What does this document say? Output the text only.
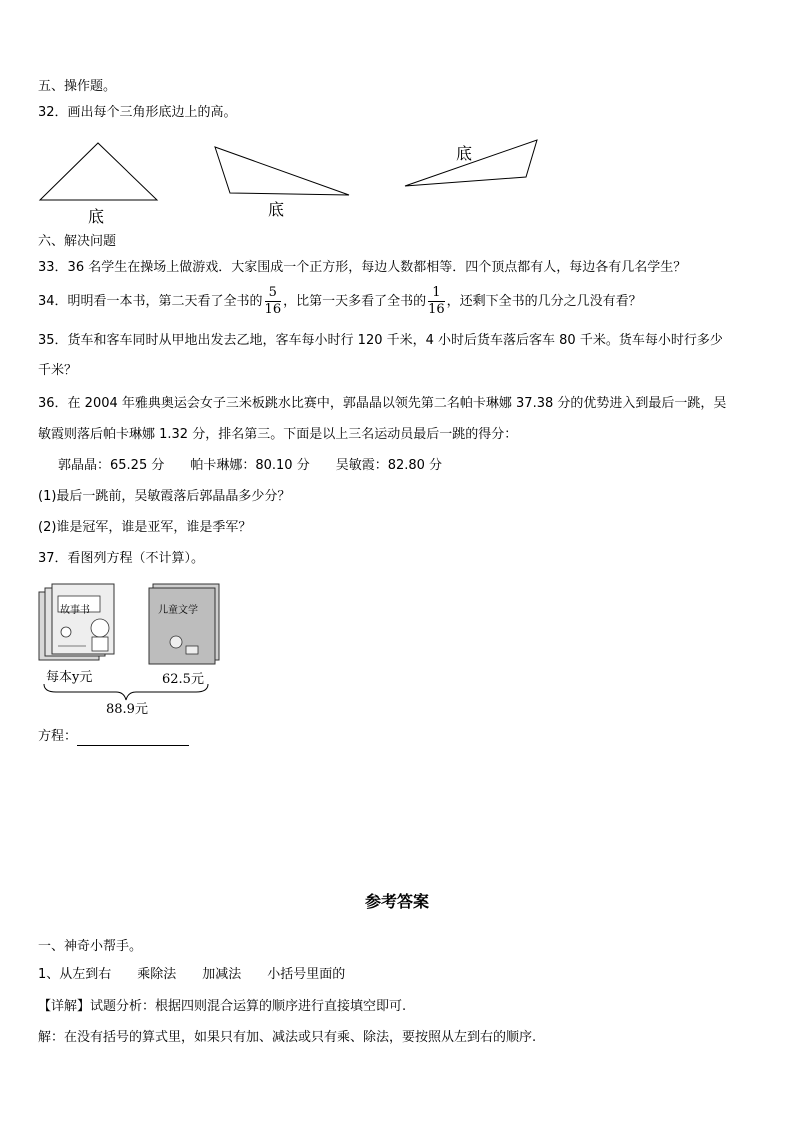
五、操作题。
32．画出每个三角形底边上的高。
底	底
底
六、解决问题
33．36 名学生在操场上做游戏．大家围成一个正方形，每边人数都相等．四个顶点都有人，每边各有几名学生？
34．明明看一本书，第二天看了全书的 $\frac{5}{16}$ ，比第一天多看了全书的 $\frac{1}{16}$ ，还剩下全书的几分之几没有看？
35．货车和客车同时从甲地出发去乙地，客车每小时行 120 千米，4 小时后货车落后客车 80 千米。货车每小时行多少
千米？
36．在 2004 年雅典奥运会女子三米板跳水比赛中，郭晶晶以领先第二名帕卡琳娜 37.38 分的优势进入到最后一跳，吴
敏霞则落后帕卡琳娜 1.32 分，排名第三。下面是以上三名运动员最后一跳的得分：
郭晶晶：65.25 分　　帕卡琳娜：80.10 分　　吴敏霞：82.80 分
(1)最后一跳前，吴敏霞落后郭晶晶多少分？
(2)谁是冠军，谁是亚军，谁是季军？
37．看图列方程（不计算）。
故事书	儿童文学
每本y元	62.5元
88.9元
方程：
参考答案
一、神奇小帮手。
1、从左到右　　乘除法　　加减法　　小括号里面的
【详解】试题分析：根据四则混合运算的顺序进行直接填空即可.
解：在没有括号的算式里，如果只有加、减法或只有乘、除法，要按照从左到右的顺序.
